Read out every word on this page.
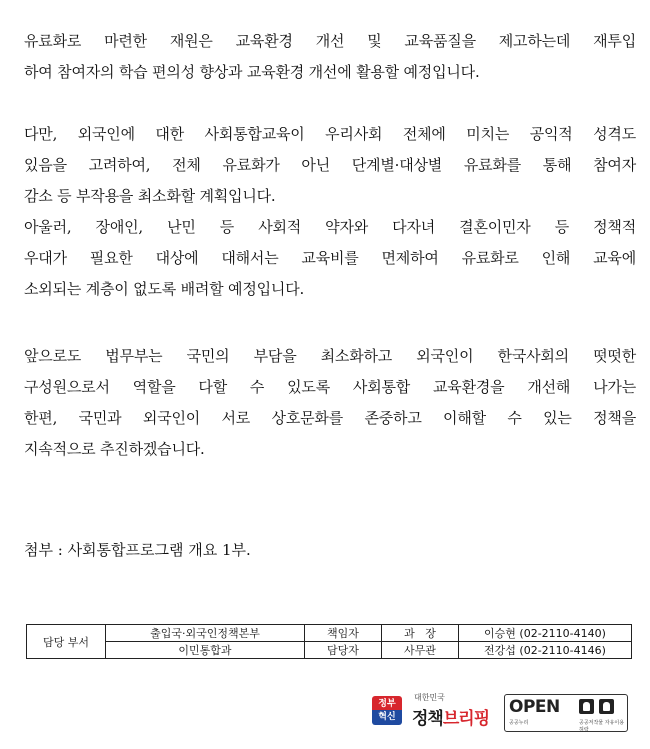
유료화로 마련한 재원은 교육환경 개선 및 교육품질을 제고하는데 재투입
하여 참여자의 학습 편의성 향상과 교육환경 개선에 활용할 예정입니다.
다만, 외국인에 대한 사회통합교육이 우리사회 전체에 미치는 공익적 성격도
있음을 고려하여, 전체 유료화가 아닌 단계별·대상별 유료화를 통해 참여자
감소 등 부작용을 최소화할 계획입니다.
아울러, 장애인, 난민 등 사회적 약자와 다자녀 결혼이민자 등 정책적
우대가 필요한 대상에 대해서는 교육비를 면제하여 유료화로 인해 교육에
소외되는 계층이 없도록 배려할 예정입니다.
앞으로도 법무부는 국민의 부담을 최소화하고 외국인이 한국사회의 떳떳한
구성원으로서 역할을 다할 수 있도록 사회통합 교육환경을 개선해 나가는
한편, 국민과 외국인이 서로 상호문화를 존중하고 이해할 수 있는 정책을
지속적으로 추진하겠습니다.
첨부 : 사회통합프로그램 개요 1부.
담당 부서	출입국·외국인정책본부	책임자	과   장	이승현 (02-2110-4140)
	이민통합과	담당자	사무관	전강섭 (02-2110-4146)
정부
혁신
대한민국
정책브리핑
OPEN
공공누리	공공저작물 자유이용허락
